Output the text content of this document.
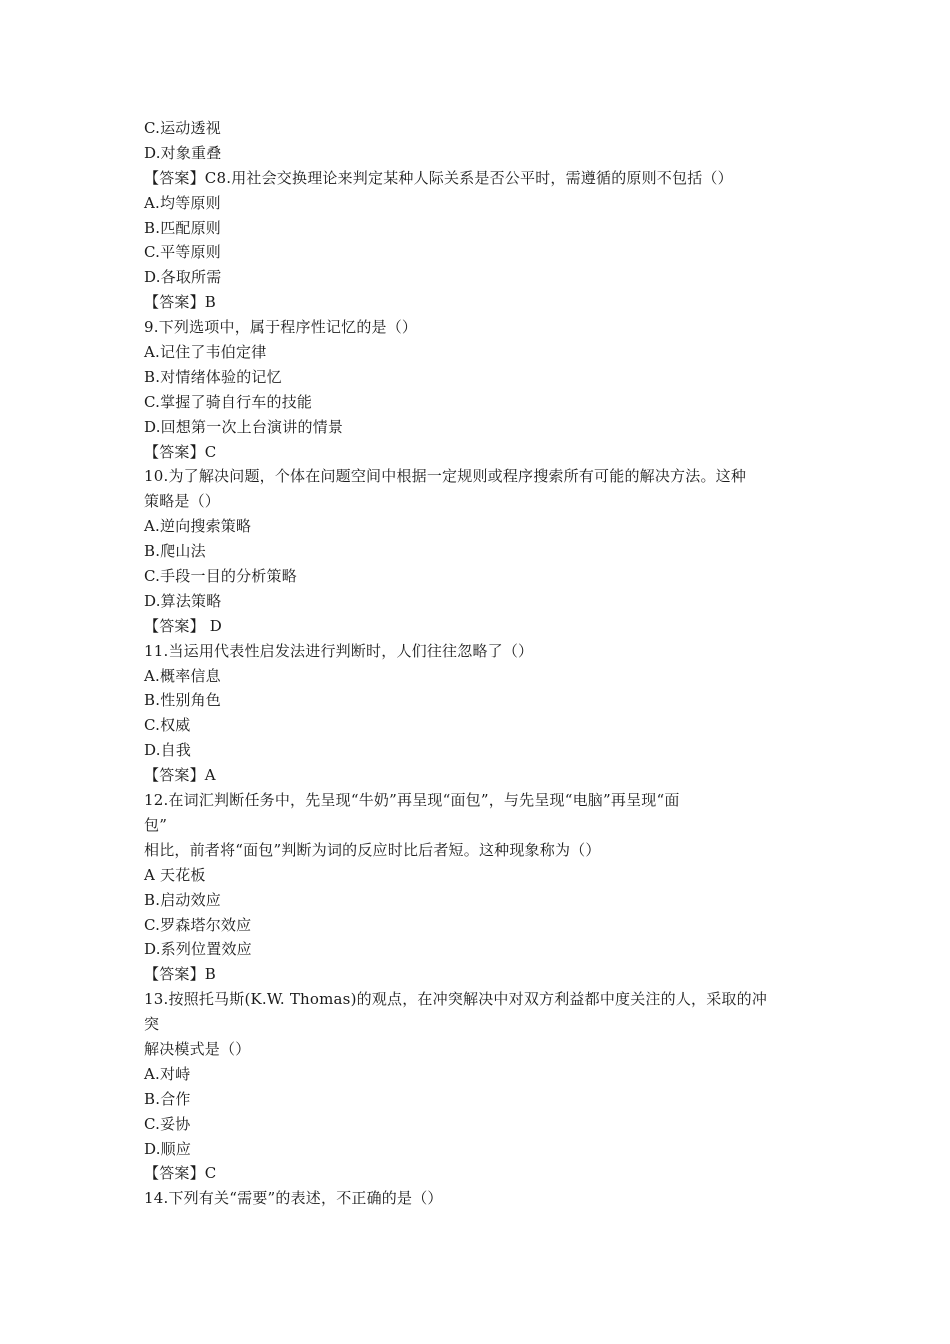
C.运动透视
D.对象重叠
【答案】C8.用社会交换理论来判定某种人际关系是否公平时，需遵循的原则不包括（）
A.均等原则
B.匹配原则
C.平等原则
D.各取所需
【答案】B
9.下列选项中，属于程序性记忆的是（）
A.记住了韦伯定律
B.对情绪体验的记忆
C.掌握了骑自行车的技能
D.回想第一次上台演讲的情景
【答案】C
10.为了解决问题，个体在问题空间中根据一定规则或程序搜索所有可能的解决方法。这种
策略是（）
A.逆向搜索策略
B.爬山法
C.手段一目的分析策略
D.算法策略
【答案】 D
11.当运用代表性启发法进行判断时，人们往往忽略了（）
A.概率信息
B.性别角色
C.权威
D.自我
【答案】A
12.在词汇判断任务中，先呈现“牛奶”再呈现“面包”，与先呈现“电脑”再呈现“面
包”
相比，前者将“面包”判断为词的反应时比后者短。这种现象称为（）
A 天花板
B.启动效应
C.罗森塔尔效应
D.系列位置效应
【答案】B
13.按照托马斯(K.W. Thomas)的观点，在冲突解决中对双方利益都中度关注的人，采取的冲
突
解决模式是（）
A.对峙
B.合作
C.妥协
D.顺应
【答案】C
14.下列有关“需要”的表述，不正确的是（）
